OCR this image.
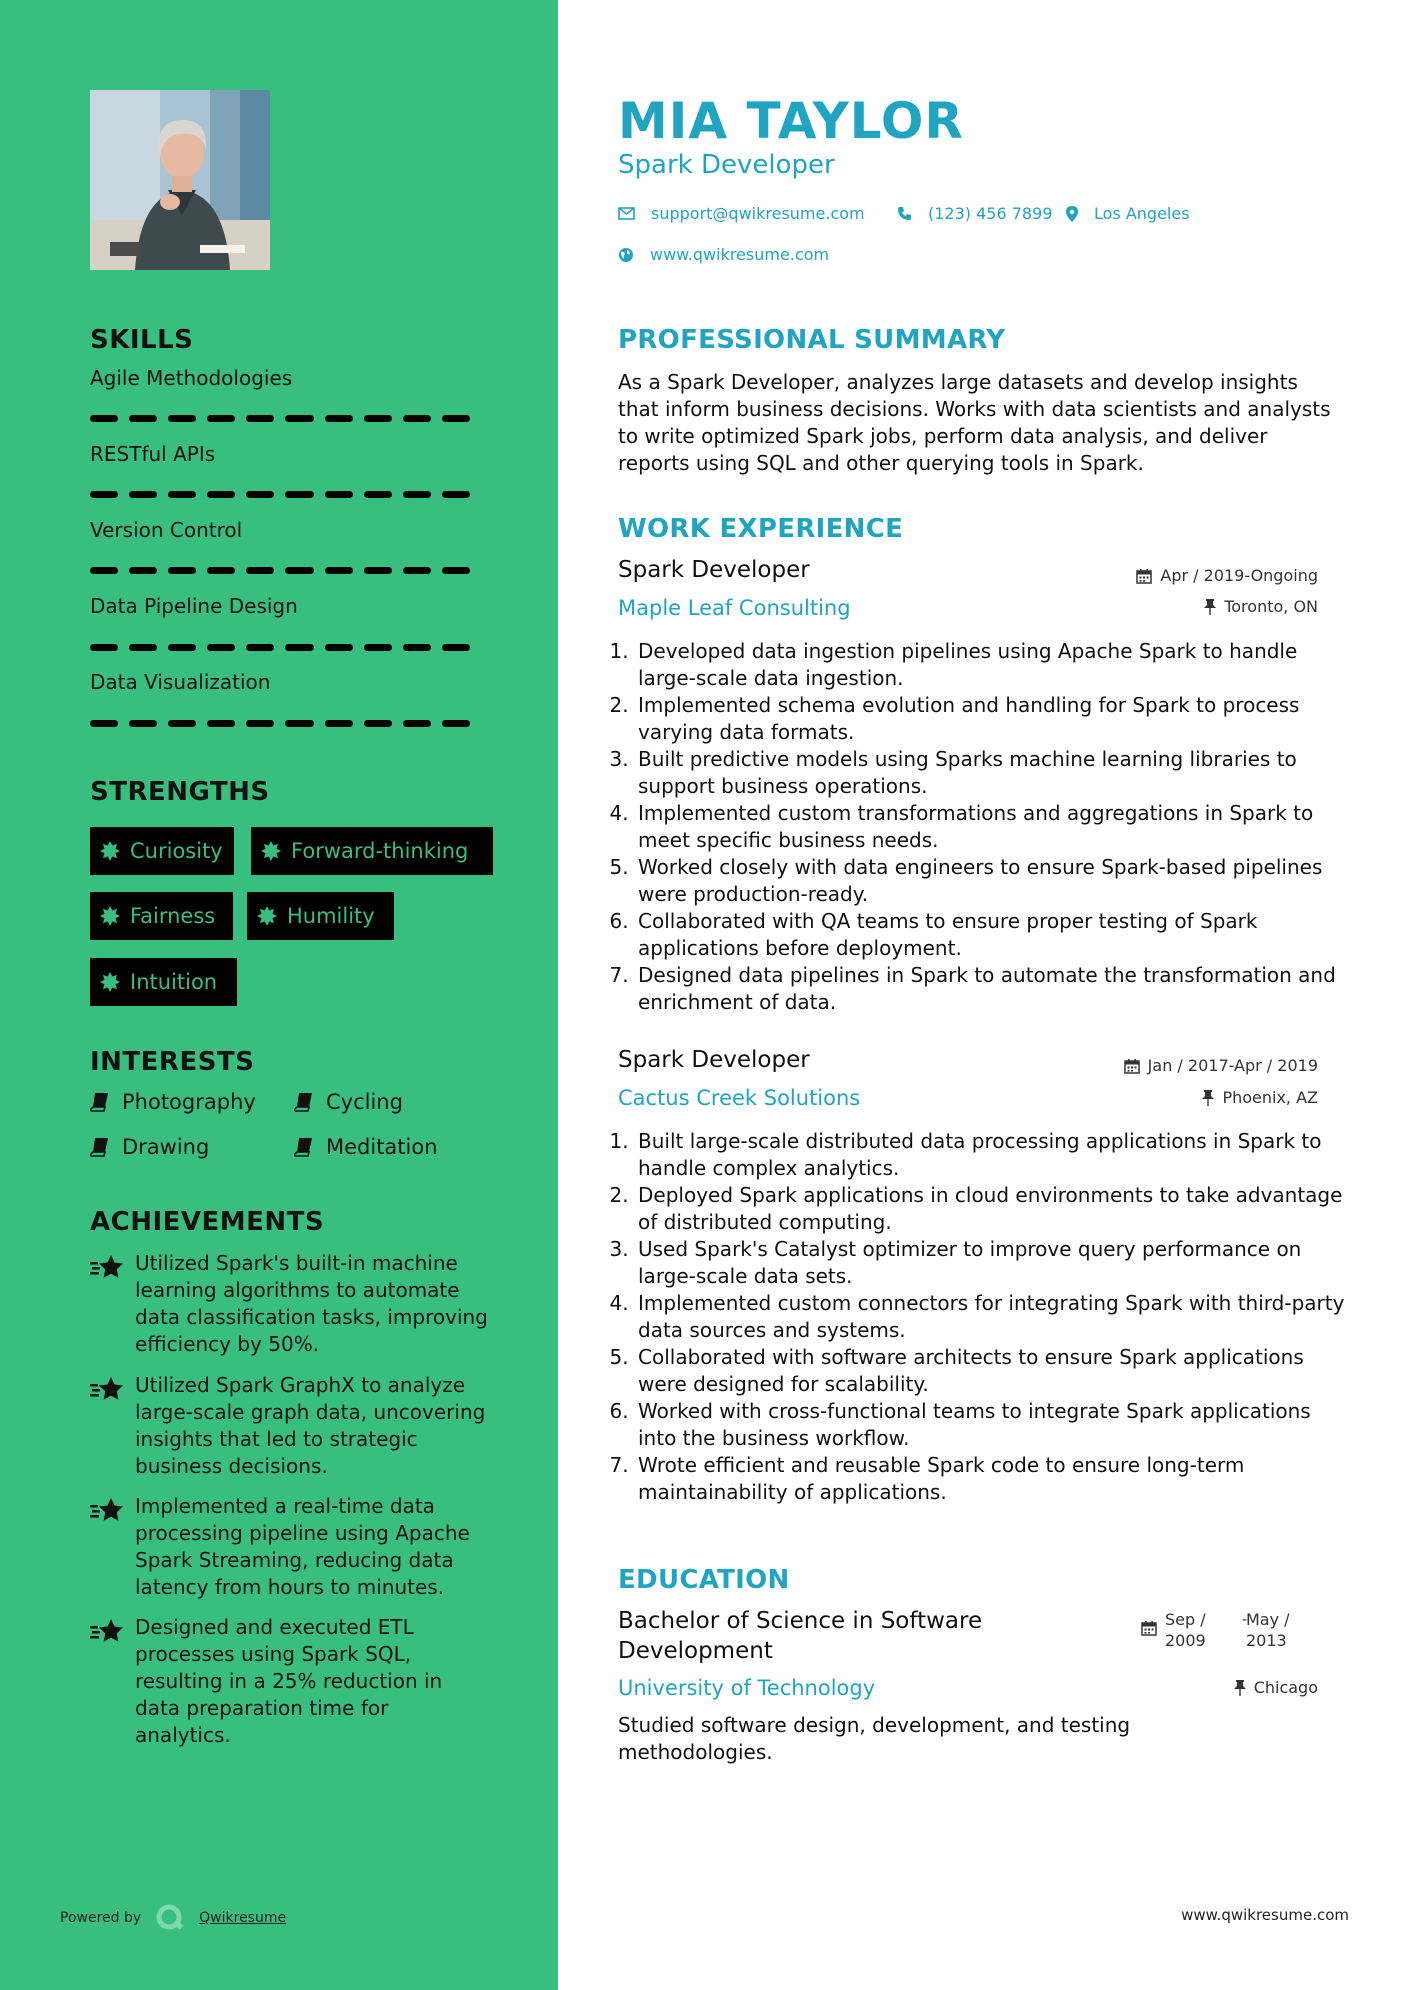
SKILLS
Agile Methodologies
RESTful APIs
Version Control
Data Pipeline Design
Data Visualization
STRENGTHS
Curiosity	Forward-thinking
Fairness	Humility
Intuition
INTERESTS
Photography	Cycling
Drawing	Meditation
ACHIEVEMENTS
Utilized Spark's built-in machine learning algorithms to automate data classification tasks, improving efficiency by 50%.
Utilized Spark GraphX to analyze large-scale graph data, uncovering insights that led to strategic business decisions.
Implemented a real-time data processing pipeline using Apache Spark Streaming, reducing data latency from hours to minutes.
Designed and executed ETL processes using Spark SQL, resulting in a 25% reduction in data preparation time for analytics.
Powered by	Qwikresume
MIA TAYLOR
Spark Developer
support@qwikresume.com	(123) 456 7899	Los Angeles
www.qwikresume.com
PROFESSIONAL SUMMARY
As a Spark Developer, analyzes large datasets and develop insights that inform business decisions. Works with data scientists and analysts to write optimized Spark jobs, perform data analysis, and deliver reports using SQL and other querying tools in Spark.
WORK EXPERIENCE
Spark Developer
Maple Leaf Consulting
Apr / 2019-Ongoing
Toronto, ON
1. Developed data ingestion pipelines using Apache Spark to handle large-scale data ingestion.
2. Implemented schema evolution and handling for Spark to process varying data formats.
3. Built predictive models using Sparks machine learning libraries to support business operations.
4. Implemented custom transformations and aggregations in Spark to meet specific business needs.
5. Worked closely with data engineers to ensure Spark-based pipelines were production-ready.
6. Collaborated with QA teams to ensure proper testing of Spark applications before deployment.
7. Designed data pipelines in Spark to automate the transformation and enrichment of data.
Spark Developer
Cactus Creek Solutions
Jan / 2017-Apr / 2019
Phoenix, AZ
1. Built large-scale distributed data processing applications in Spark to handle complex analytics.
2. Deployed Spark applications in cloud environments to take advantage of distributed computing.
3. Used Spark's Catalyst optimizer to improve query performance on large-scale data sets.
4. Implemented custom connectors for integrating Spark with third-party data sources and systems.
5. Collaborated with software architects to ensure Spark applications were designed for scalability.
6. Worked with cross-functional teams to integrate Spark applications into the business workflow.
7. Wrote efficient and reusable Spark code to ensure long-term maintainability of applications.
EDUCATION
Bachelor of Science in Software Development
University of Technology
Sep /
2009
-
May /
2013
Chicago
Studied software design, development, and testing methodologies.
www.qwikresume.com
